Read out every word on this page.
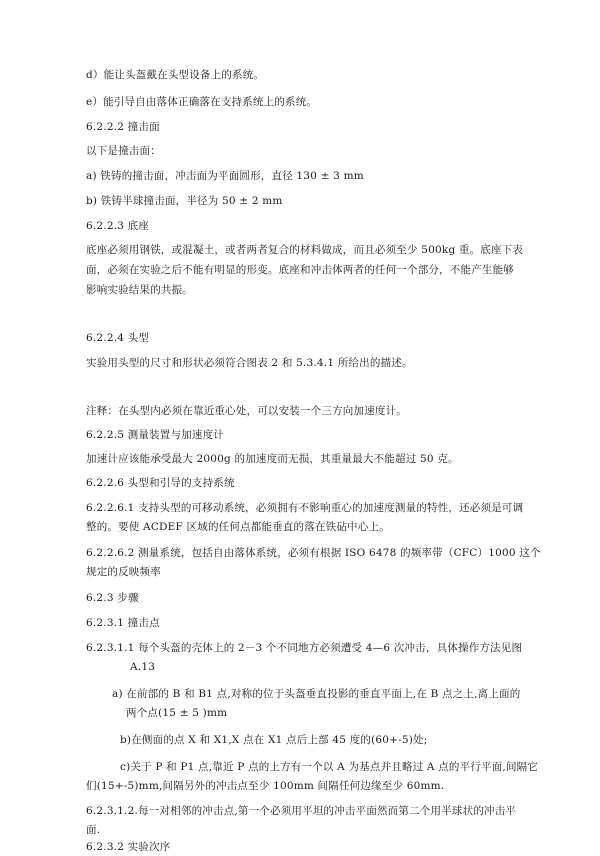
d）能让头盔戴在头型设备上的系统。
e）能引导自由落体正确落在支持系统上的系统。
6.2.2.2 撞击面
以下是撞击面：
a) 铁铸的撞击面，冲击面为平面圆形，直径 130 ± 3 mm
b) 铁铸半球撞击面，半径为 50 ± 2 mm
6.2.2.3 底座
底座必须用钢铁，或混凝土，或者两者复合的材料做成，而且必须至少 500kg 重。底座下表
面，必须在实验之后不能有明显的形变。底座和冲击体两者的任何一个部分，不能产生能够
影响实验结果的共振。
6.2.2.4 头型
实验用头型的尺寸和形状必须符合图表 2 和 5.3.4.1 所给出的描述。
注释：在头型内必须在靠近重心处，可以安装一个三方向加速度计。
6.2.2.5 测量装置与加速度计
加速计应该能承受最大 2000g 的加速度而无损，其重量最大不能超过 50 克。
6.2.2.6 头型和引导的支持系统
6.2.2.6.1 支持头型的可移动系统，必须拥有不影响重心的加速度测量的特性，还必须是可调
整的。要使 ACDEF 区域的任何点都能垂直的落在铁砧中心上。
6.2.2.6.2 测量系统，包括自由落体系统，必须有根据 ISO 6478 的频率带（CFC）1000 这个
规定的反映频率
6.2.3 步骤
6.2.3.1 撞击点
6.2.3.1.1 每个头盔的壳体上的 2－3 个不同地方必须遭受 4—6 次冲击，具体操作方法见图
A.13
a) 在前部的 B 和 B1 点,对称的位于头盔垂直投影的垂直平面上,在 B 点之上,离上面的
两个点(15 ± 5 )mm
b)在侧面的点 X 和 X1,X 点在 X1 点后上部 45 度的(60+-5)处;
c)关于 P 和 P1 点,靠近 P 点的上方有一个以 A 为基点并且略过 A 点的平行平面,间隔它
们(15+-5)mm,间隔另外的冲击点至少 100mm 间隔任何边缘至少 60mm.
6.2.3.1.2.每一对相邻的冲击点,第一个必须用平坦的冲击平面然而第二个用半球状的冲击平
面.
6.2.3.2 实验次序
